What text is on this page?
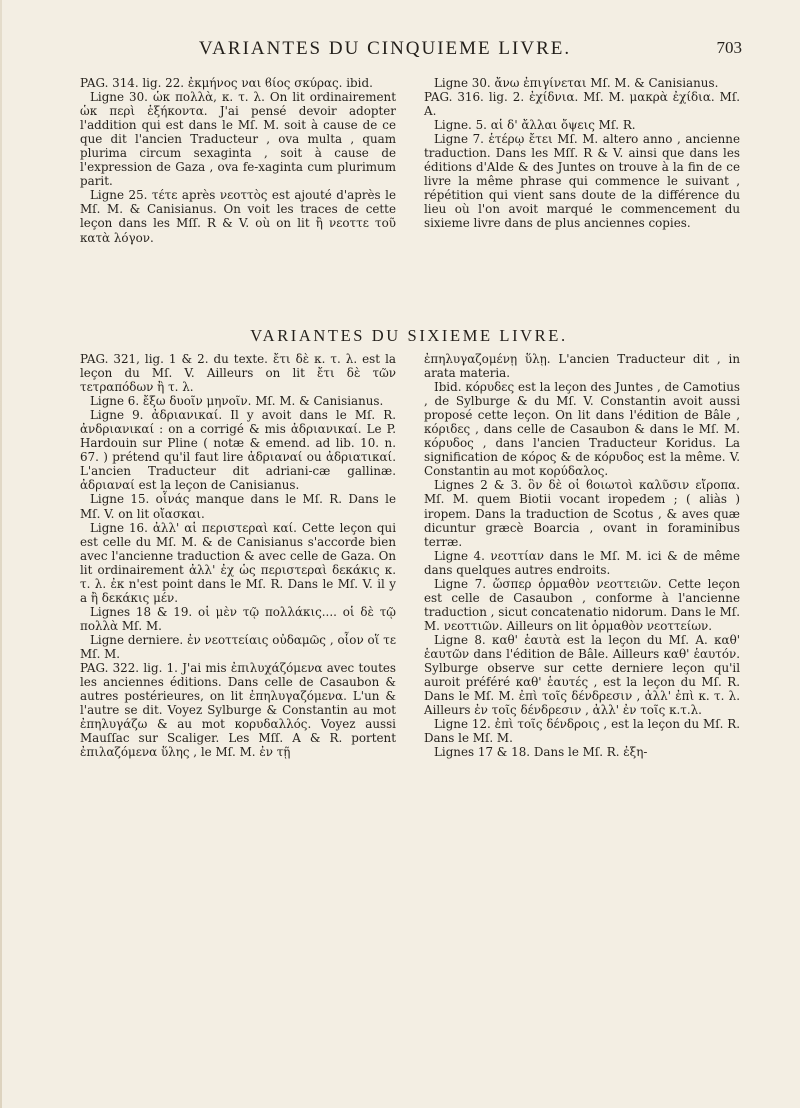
VARIANTES DU CINQUIEME LIVRE.	703

PAG. 314. lig. 22. ἐκμήνος ναι ϐίος σκύρας. ibid.

Ligne 30. ὡκ πολλὰ, κ. τ. λ. On lit ordinairement ὡκ περὶ ἑξήκοντα. J'ai pensé devoir adopter l'addition qui est dans le Mſ. M. soit à cause de ce que dit l'ancien Traducteur , ova multa , quam plurima circum sexaginta , soit à cause de l'expression de Gaza , ova fe-xaginta cum plurimum parit.

Ligne 25. τέτε après νεοττὸς est ajouté d'après le Mſ. M. & Canisianus. On voit les traces de cette leçon dans les Mſſ. R & V. où on lit ἢ νεοττε τοῦ κατὰ λόγον.

Ligne 30. ἄνω ἐπιγίνεται Mſ. M. & Canisianus.

PAG. 316. lig. 2. ἐχίδνια. Mſ. M. μακρὰ ἐχίδια. Mſ. A.

Ligne. 5. αἱ δ' ἄλλαι ὄψεις Mſ. R.

Ligne 7. ἑτέρῳ ἔτει Mſ. M. altero anno , ancienne traduction. Dans les Mſſ. R & V. ainsi que dans les éditions d'Alde & des Juntes on trouve à la fin de ce livre la même phrase qui commence le suivant , répétition qui vient sans doute de la différence du lieu où l'on avoit marqué le commencement du sixieme livre dans de plus anciennes copies.

VARIANTES DU SIXIEME LIVRE.

PAG. 321, lig. 1 & 2. du texte. ἔτι δὲ κ. τ. λ. est la leçon du Mſ. V. Ailleurs on lit ἔτι δὲ τῶν τετραπόδων ἢ τ. λ.

Ligne 6. ἔξω δυοῖν μηνοῖν. Mſ. M. & Canisianus.

Ligne 9. ἀδριανικαί. Il y avoit dans le Mſ. R. ἀνδριανικαί : on a corrigé & mis ἀδριανικαί. Le P. Hardouin sur Pline ( notæ & emend. ad lib. 10. n. 67. ) prétend qu'il faut lire ἀδριαναί ou ἀδριατικαί. L'ancien Traducteur dit adriani-cæ gallinæ. ἀδριαναί est la leçon de Canisianus.

Ligne 15. οἷνάς manque dans le Mſ. R. Dans le Mſ. V. on lit οἴασκαι.

Ligne 16. ἀλλ' αἱ περιστεραὶ καί. Cette leçon qui est celle du Mſ. M. & de Canisianus s'accorde bien avec l'ancienne traduction & avec celle de Gaza. On lit ordinairement ἀλλ' ἐχ ὡς περιστεραὶ δεκάκις κ. τ. λ. ἐκ n'est point dans le Mſ. R. Dans le Mſ. V. il y a ἢ δεκάκις μέν.

Lignes 18 & 19. οἱ μὲν τῷ πολλάκις.... οἱ δὲ τῷ πολλὰ Mſ. M.

Ligne derniere. ἐν νεοττείαις οὐδαμῶς , οἷον οἵ τε Mſ. M.

PAG. 322. lig. 1. J'ai mis ἐπιλυχάζόμενα avec toutes les anciennes éditions. Dans celle de Casaubon & autres postérieures, on lit ἐπηλυγαζόμενα. L'un & l'autre se dit. Voyez Sylburge & Constantin au mot ἐπηλυγάζω & au mot κορυδαλλός. Voyez aussi Mauſſac sur Scaliger. Les Mſſ. A & R. portent ἐπιλαζόμενα ὕλης , le Mſ. M. ἐν τῇ

ἐπηλυγαζομένῃ ὕλῃ. L'ancien Traducteur dit , in arata materia.

Ibid. κόρυδες est la leçon des Juntes , de Camotius , de Sylburge & du Mſ. V. Constantin avoit aussi proposé cette leçon. On lit dans l'édition de Bâle , κόριδες , dans celle de Casaubon & dans le Mſ. M. κόρυδος , dans l'ancien Traducteur Koridus. La signification de κόρος & de κόρυδος est la même. V. Constantin au mot κορύδαλος.

Lignes 2 & 3. ὃν δὲ οἱ ϐοιωτοὶ καλῦσιν εἴροπα. Mſ. M. quem Biotii vocant iropedem ; ( aliàs ) iropem. Dans la traduction de Scotus , & aves quæ dicuntur græcè Boarcia , ovant in foraminibus terræ.

Ligne 4. νεοττίαν dans le Mſ. M. ici & de même dans quelques autres endroits.

Ligne 7. ὥσπερ ὁρμαθὸν νεοττειῶν. Cette leçon est celle de Casaubon , conforme à l'ancienne traduction , sicut concatenatio nidorum. Dans le Mſ. M. νεοττιῶν. Ailleurs on lit ὁρμαθὸν νεοττείων.

Ligne 8. καθ' ἑαυτὰ est la leçon du Mſ. A. καθ' ἑαυτῶν dans l'édition de Bâle. Ailleurs καθ' ἑαυτόν. Sylburge observe sur cette derniere leçon qu'il auroit préféré καθ' ἑαυτές , est la leçon du Mſ. R. Dans le Mſ. M. ἐπὶ τοῖς δένδρεσιν , ἀλλ' ἐπὶ κ. τ. λ. Ailleurs ἐν τοῖς δένδρεσιν , ἀλλ' ἐν τοῖς κ.τ.λ.

Ligne 12. ἐπὶ τοῖς δένδροις , est la leçon du Mſ. R. Dans le Mſ. M.

Lignes 17 & 18. Dans le Mſ. R. ἐξη-
